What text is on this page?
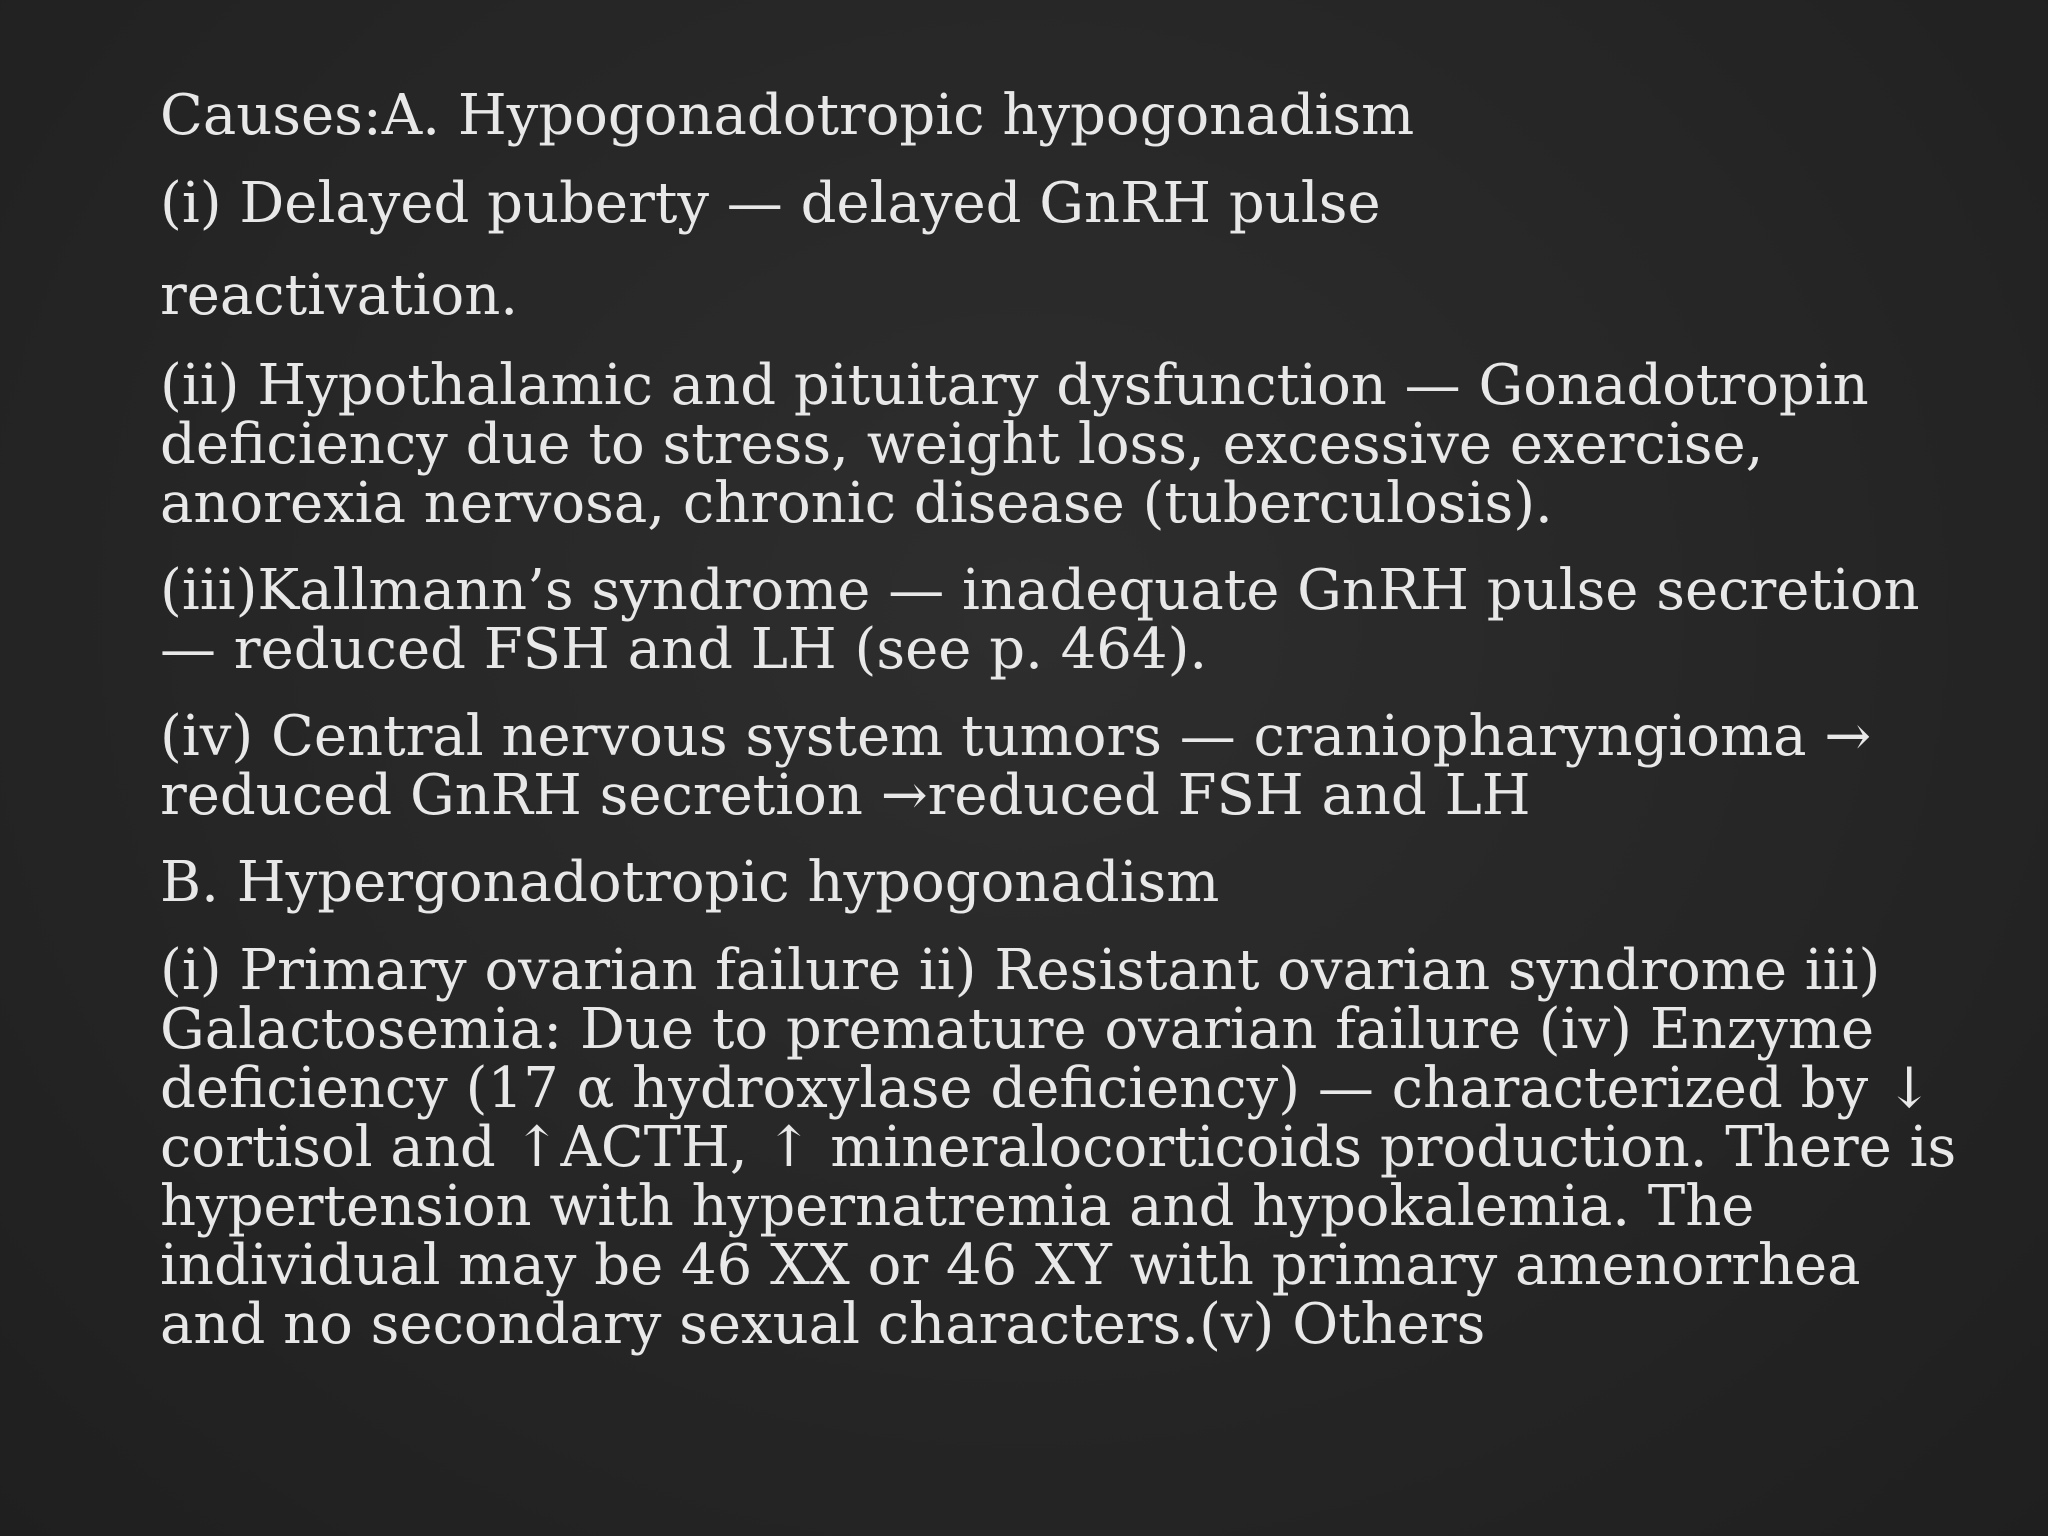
Causes:A. Hypogonadotropic hypogonadism
(i) Delayed puberty — delayed GnRH pulse
reactivation.
(ii) Hypothalamic and pituitary dysfunction — Gonadotropin
deficiency due to stress, weight loss, excessive exercise,
anorexia nervosa, chronic disease (tuberculosis).
(iii)Kallmann’s syndrome — inadequate GnRH pulse secretion
— reduced FSH and LH (see p. 464).
(iv) Central nervous system tumors — craniopharyngioma →
reduced GnRH secretion →reduced FSH and LH
B. Hypergonadotropic hypogonadism
(i) Primary ovarian failure ii) Resistant ovarian syndrome iii)
Galactosemia: Due to premature ovarian failure (iv) Enzyme
deficiency (17 α hydroxylase deficiency) — characterized by ↓
cortisol and ↑ACTH, ↑ mineralocorticoids production. There is
hypertension with hypernatremia and hypokalemia. The
individual may be 46 XX or 46 XY with primary amenorrhea
and no secondary sexual characters.(v) Others
